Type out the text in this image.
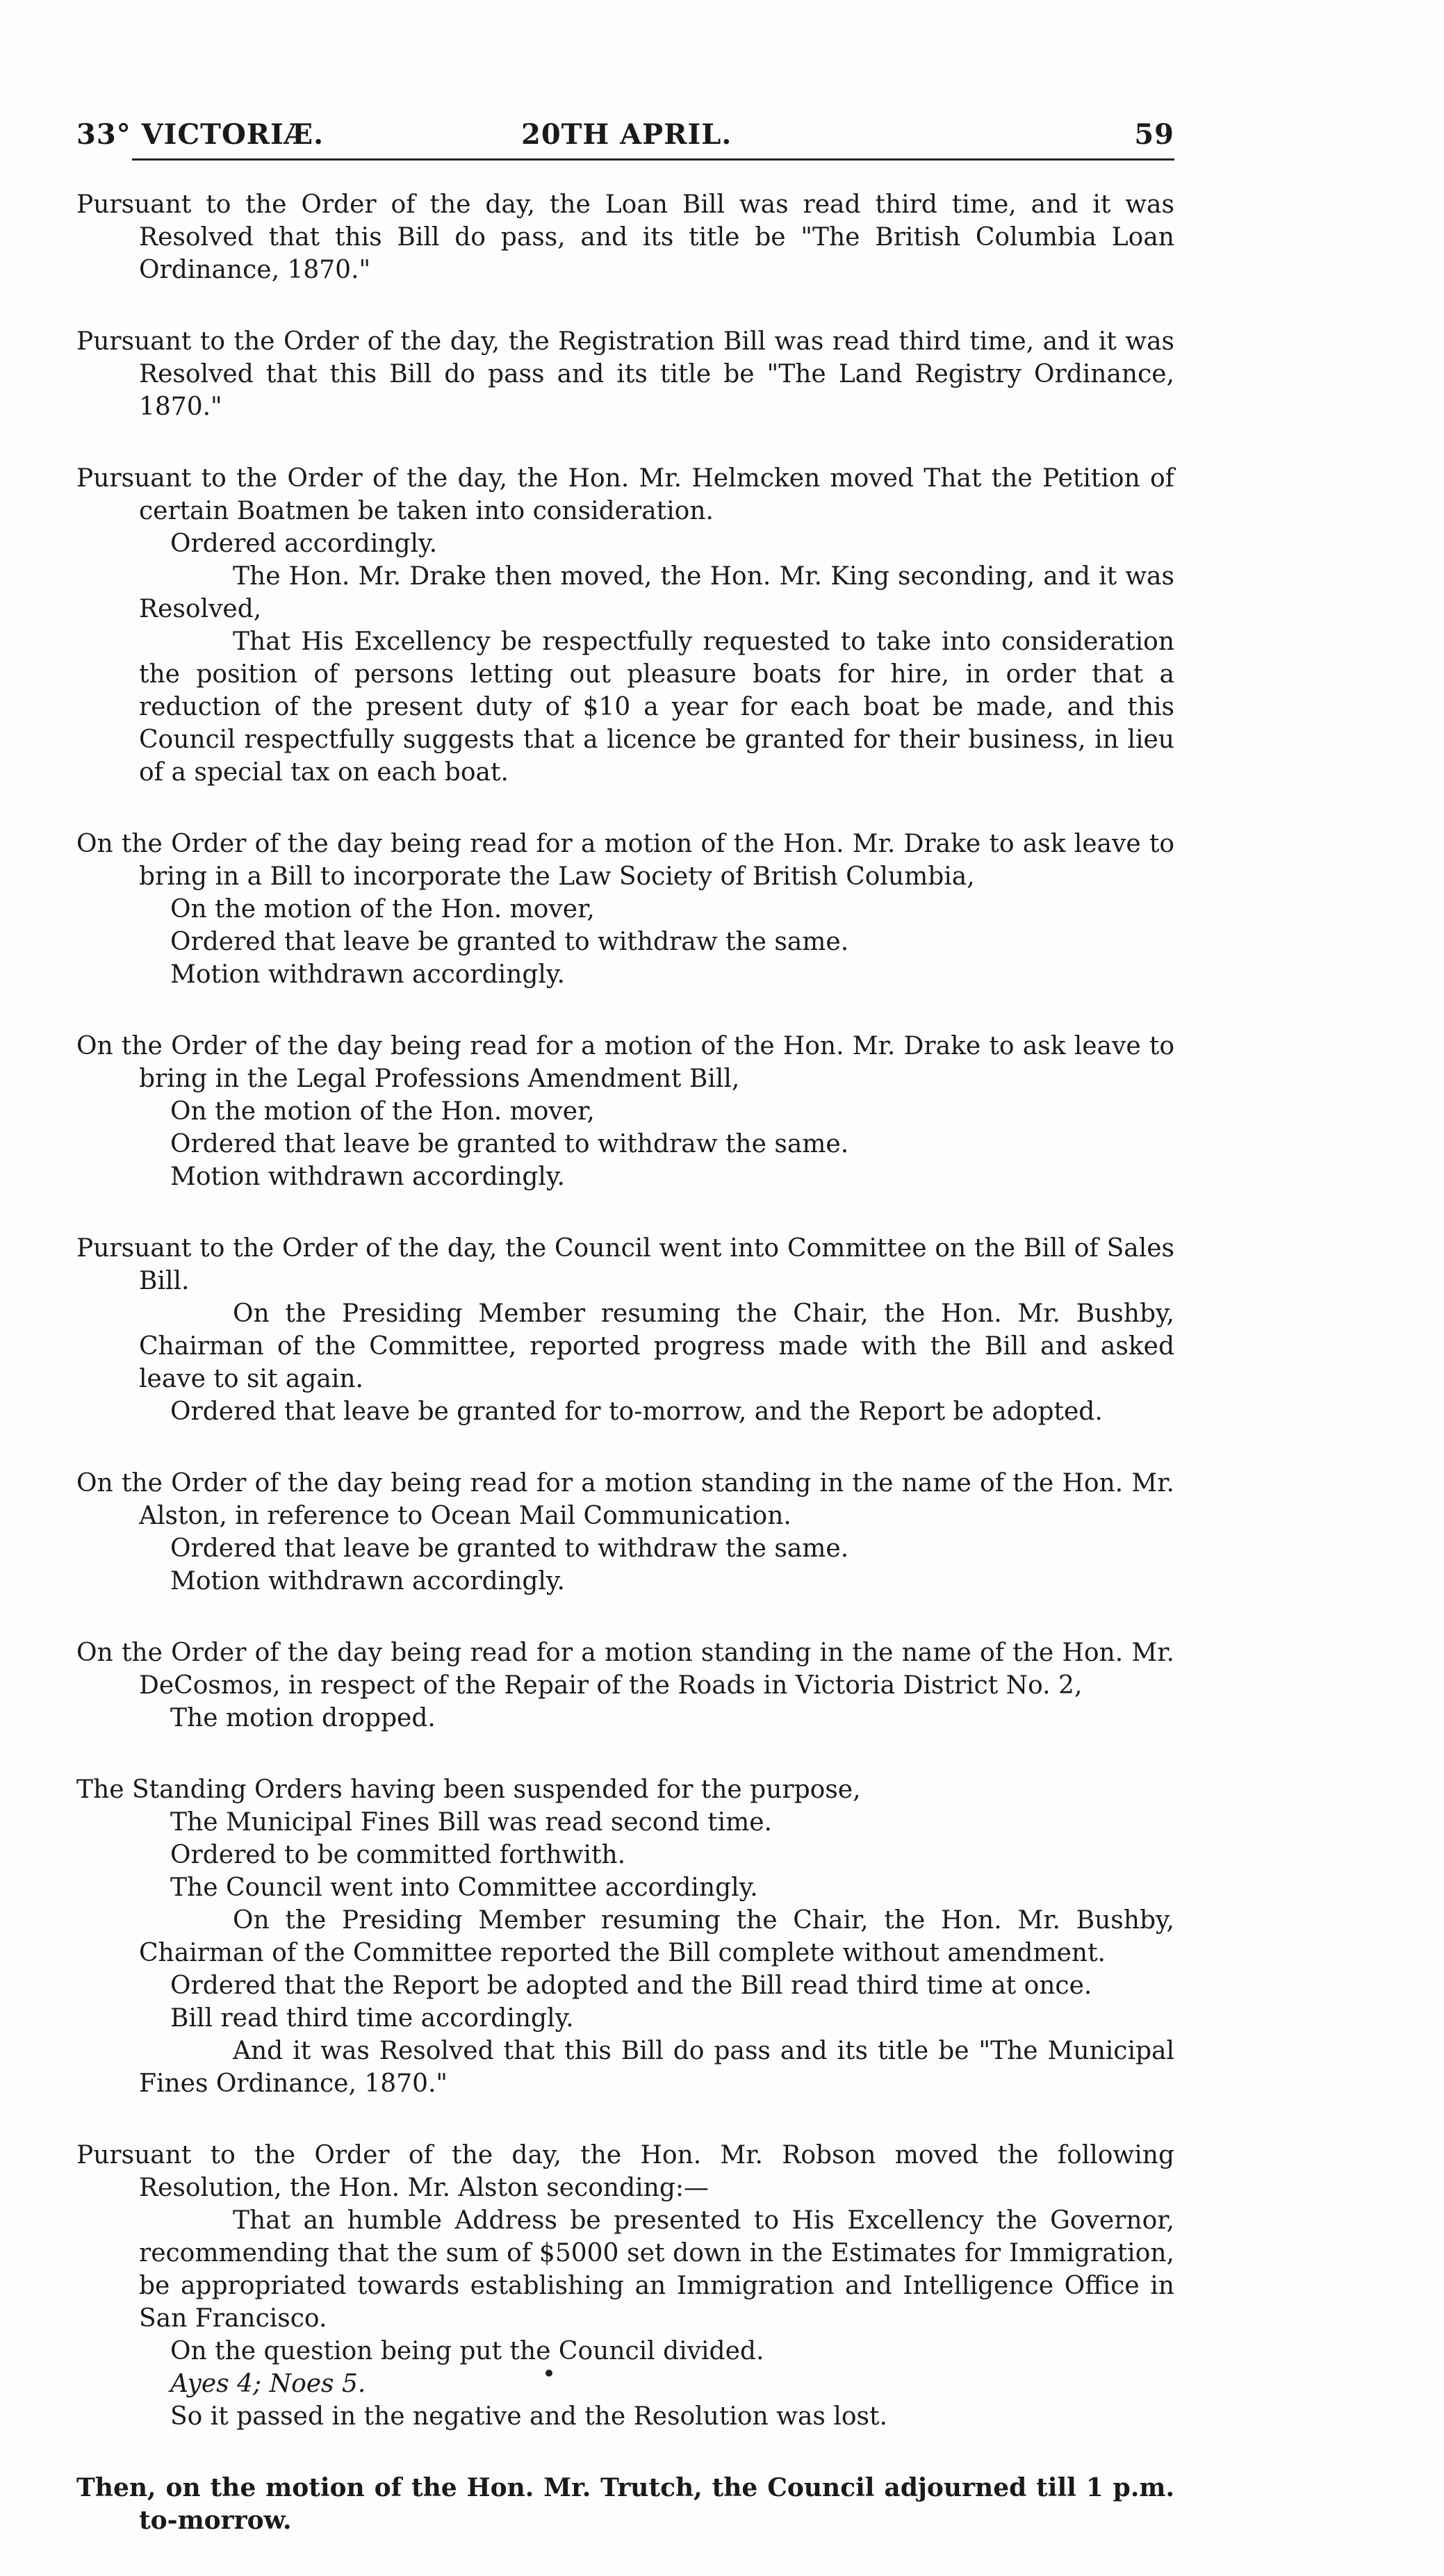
33° VICTORIÆ.	20TH APRIL.	59

Pursuant to the Order of the day, the Loan Bill was read third time, and it was Resolved that this Bill do pass, and its title be "The British Columbia Loan Ordinance, 1870."

Pursuant to the Order of the day, the Registration Bill was read third time, and it was Resolved that this Bill do pass and its title be "The Land Registry Ordinance, 1870."

Pursuant to the Order of the day, the Hon. Mr. Helmcken moved That the Petition of certain Boatmen be taken into consideration.

Ordered accordingly.

The Hon. Mr. Drake then moved, the Hon. Mr. King seconding, and it was Resolved,

That His Excellency be respectfully requested to take into consideration the position of persons letting out pleasure boats for hire, in order that a reduction of the present duty of $10 a year for each boat be made, and this Council respectfully suggests that a licence be granted for their business, in lieu of a special tax on each boat.

On the Order of the day being read for a motion of the Hon. Mr. Drake to ask leave to bring in a Bill to incorporate the Law Society of British Columbia,

On the motion of the Hon. mover,

Ordered that leave be granted to withdraw the same.

Motion withdrawn accordingly.

On the Order of the day being read for a motion of the Hon. Mr. Drake to ask leave to bring in the Legal Professions Amendment Bill,

On the motion of the Hon. mover,

Ordered that leave be granted to withdraw the same.

Motion withdrawn accordingly.

Pursuant to the Order of the day, the Council went into Committee on the Bill of Sales Bill.

On the Presiding Member resuming the Chair, the Hon. Mr. Bushby, Chairman of the Committee, reported progress made with the Bill and asked leave to sit again.

Ordered that leave be granted for to-morrow, and the Report be adopted.

On the Order of the day being read for a motion standing in the name of the Hon. Mr. Alston, in reference to Ocean Mail Communication.

Ordered that leave be granted to withdraw the same.

Motion withdrawn accordingly.

On the Order of the day being read for a motion standing in the name of the Hon. Mr. DeCosmos, in respect of the Repair of the Roads in Victoria District No. 2,

The motion dropped.

The Standing Orders having been suspended for the purpose,

The Municipal Fines Bill was read second time.

Ordered to be committed forthwith.

The Council went into Committee accordingly.

On the Presiding Member resuming the Chair, the Hon. Mr. Bushby, Chairman of the Committee reported the Bill complete without amendment.

Ordered that the Report be adopted and the Bill read third time at once.

Bill read third time accordingly.

And it was Resolved that this Bill do pass and its title be "The Municipal Fines Ordinance, 1870."

Pursuant to the Order of the day, the Hon. Mr. Robson moved the following Resolution, the Hon. Mr. Alston seconding:—

That an humble Address be presented to His Excellency the Governor, recommending that the sum of $5000 set down in the Estimates for Immigration, be appropriated towards establishing an Immigration and Intelligence Office in San Francisco.

On the question being put the Council divided.

Ayes 4; Noes 5.

So it passed in the negative and the Resolution was lost.

Then, on the motion of the Hon. Mr. Trutch, the Council adjourned till 1 p.m. to-morrow.
